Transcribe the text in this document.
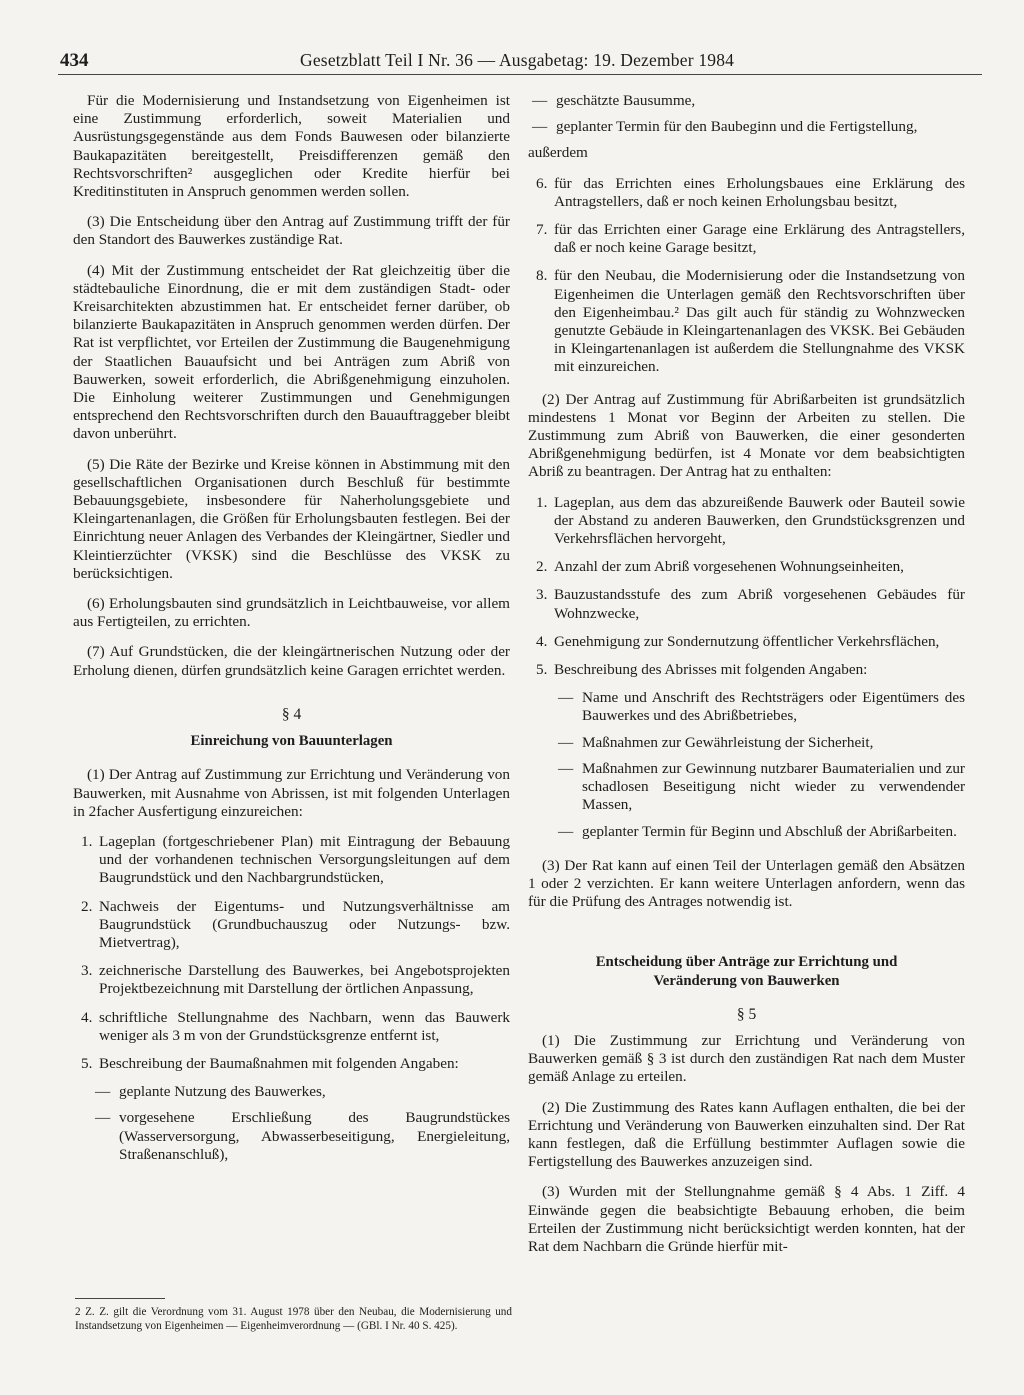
434	Gesetzblatt Teil I Nr. 36 — Ausgabetag: 19. Dezember 1984

Für die Modernisierung und Instandsetzung von Eigenheimen ist eine Zustimmung erforderlich, soweit Materialien und Ausrüstungsgegenstände aus dem Fonds Bauwesen oder bilanzierte Baukapazitäten bereitgestellt, Preisdifferenzen gemäß den Rechtsvorschriften² ausgeglichen oder Kredite hierfür bei Kreditinstituten in Anspruch genommen werden sollen.

(3) Die Entscheidung über den Antrag auf Zustimmung trifft der für den Standort des Bauwerkes zuständige Rat.

(4) Mit der Zustimmung entscheidet der Rat gleichzeitig über die städtebauliche Einordnung, die er mit dem zuständigen Stadt- oder Kreisarchitekten abzustimmen hat. Er entscheidet ferner darüber, ob bilanzierte Baukapazitäten in Anspruch genommen werden dürfen. Der Rat ist verpflichtet, vor Erteilen der Zustimmung die Baugenehmigung der Staatlichen Bauaufsicht und bei Anträgen zum Abriß von Bauwerken, soweit erforderlich, die Abrißgenehmigung einzuholen. Die Einholung weiterer Zustimmungen und Genehmigungen entsprechend den Rechtsvorschriften durch den Bauauftraggeber bleibt davon unberührt.

(5) Die Räte der Bezirke und Kreise können in Abstimmung mit den gesellschaftlichen Organisationen durch Beschluß für bestimmte Bebauungsgebiete, insbesondere für Naherholungsgebiete und Kleingartenanlagen, die Größen für Erholungsbauten festlegen. Bei der Einrichtung neuer Anlagen des Verbandes der Kleingärtner, Siedler und Kleintierzüchter (VKSK) sind die Beschlüsse des VKSK zu berücksichtigen.

(6) Erholungsbauten sind grundsätzlich in Leichtbauweise, vor allem aus Fertigteilen, zu errichten.

(7) Auf Grundstücken, die der kleingärtnerischen Nutzung oder der Erholung dienen, dürfen grundsätzlich keine Garagen errichtet werden.

§ 4
Einreichung von Bauunterlagen

(1) Der Antrag auf Zustimmung zur Errichtung und Veränderung von Bauwerken, mit Ausnahme von Abrissen, ist mit folgenden Unterlagen in 2facher Ausfertigung einzureichen:

1. Lageplan (fortgeschriebener Plan) mit Eintragung der Bebauung und der vorhandenen technischen Versorgungsleitungen auf dem Baugrundstück und den Nachbargrundstücken,
2. Nachweis der Eigentums- und Nutzungsverhältnisse am Baugrundstück (Grundbuchauszug oder Nutzungs- bzw. Mietvertrag),
3. zeichnerische Darstellung des Bauwerkes, bei Angebotsprojekten Projektbezeichnung mit Darstellung der örtlichen Anpassung,
4. schriftliche Stellungnahme des Nachbarn, wenn das Bauwerk weniger als 3 m von der Grundstücksgrenze entfernt ist,
5. Beschreibung der Baumaßnahmen mit folgenden Angaben:
— geplante Nutzung des Bauwerkes,
— vorgesehene Erschließung des Baugrundstückes (Wasserversorgung, Abwasserbeseitigung, Energieleitung, Straßenanschluß),
2 Z. Z. gilt die Verordnung vom 31. August 1978 über den Neubau, die Modernisierung und Instandsetzung von Eigenheimen — Eigenheimverordnung — (GBl. I Nr. 40 S. 425).
— geschätzte Bausumme,
— geplanter Termin für den Baubeginn und die Fertigstellung,

außerdem

6. für das Errichten eines Erholungsbaues eine Erklärung des Antragstellers, daß er noch keinen Erholungsbau besitzt,
7. für das Errichten einer Garage eine Erklärung des Antragstellers, daß er noch keine Garage besitzt,
8. für den Neubau, die Modernisierung oder die Instandsetzung von Eigenheimen die Unterlagen gemäß den Rechtsvorschriften über den Eigenheimbau.² Das gilt auch für ständig zu Wohnzwecken genutzte Gebäude in Kleingartenanlagen des VKSK. Bei Gebäuden in Kleingartenanlagen ist außerdem die Stellungnahme des VKSK mit einzureichen.

(2) Der Antrag auf Zustimmung für Abrißarbeiten ist grundsätzlich mindestens 1 Monat vor Beginn der Arbeiten zu stellen. Die Zustimmung zum Abriß von Bauwerken, die einer gesonderten Abrißgenehmigung bedürfen, ist 4 Monate vor dem beabsichtigten Abriß zu beantragen. Der Antrag hat zu enthalten:

1. Lageplan, aus dem das abzureißende Bauwerk oder Bauteil sowie der Abstand zu anderen Bauwerken, den Grundstücksgrenzen und Verkehrsflächen hervorgeht,
2. Anzahl der zum Abriß vorgesehenen Wohnungseinheiten,
3. Bauzustandsstufe des zum Abriß vorgesehenen Gebäudes für Wohnzwecke,
4. Genehmigung zur Sondernutzung öffentlicher Verkehrsflächen,
5. Beschreibung des Abrisses mit folgenden Angaben:
— Name und Anschrift des Rechtsträgers oder Eigentümers des Bauwerkes und des Abrißbetriebes,
— Maßnahmen zur Gewährleistung der Sicherheit,
— Maßnahmen zur Gewinnung nutzbarer Baumaterialien und zur schadlosen Beseitigung nicht wieder zu verwendender Massen,
— geplanter Termin für Beginn und Abschluß der Abrißarbeiten.

(3) Der Rat kann auf einen Teil der Unterlagen gemäß den Absätzen 1 oder 2 verzichten. Er kann weitere Unterlagen anfordern, wenn das für die Prüfung des Antrages notwendig ist.

Entscheidung über Anträge zur Errichtung und Veränderung von Bauwerken
§ 5

(1) Die Zustimmung zur Errichtung und Veränderung von Bauwerken gemäß § 3 ist durch den zuständigen Rat nach dem Muster gemäß Anlage zu erteilen.

(2) Die Zustimmung des Rates kann Auflagen enthalten, die bei der Errichtung und Veränderung von Bauwerken einzuhalten sind. Der Rat kann festlegen, daß die Erfüllung bestimmter Auflagen sowie die Fertigstellung des Bauwerkes anzuzeigen sind.

(3) Wurden mit der Stellungnahme gemäß § 4 Abs. 1 Ziff. 4 Einwände gegen die beabsichtigte Bebauung erhoben, die beim Erteilen der Zustimmung nicht berücksichtigt werden konnten, hat der Rat dem Nachbarn die Gründe hierfür mit-
